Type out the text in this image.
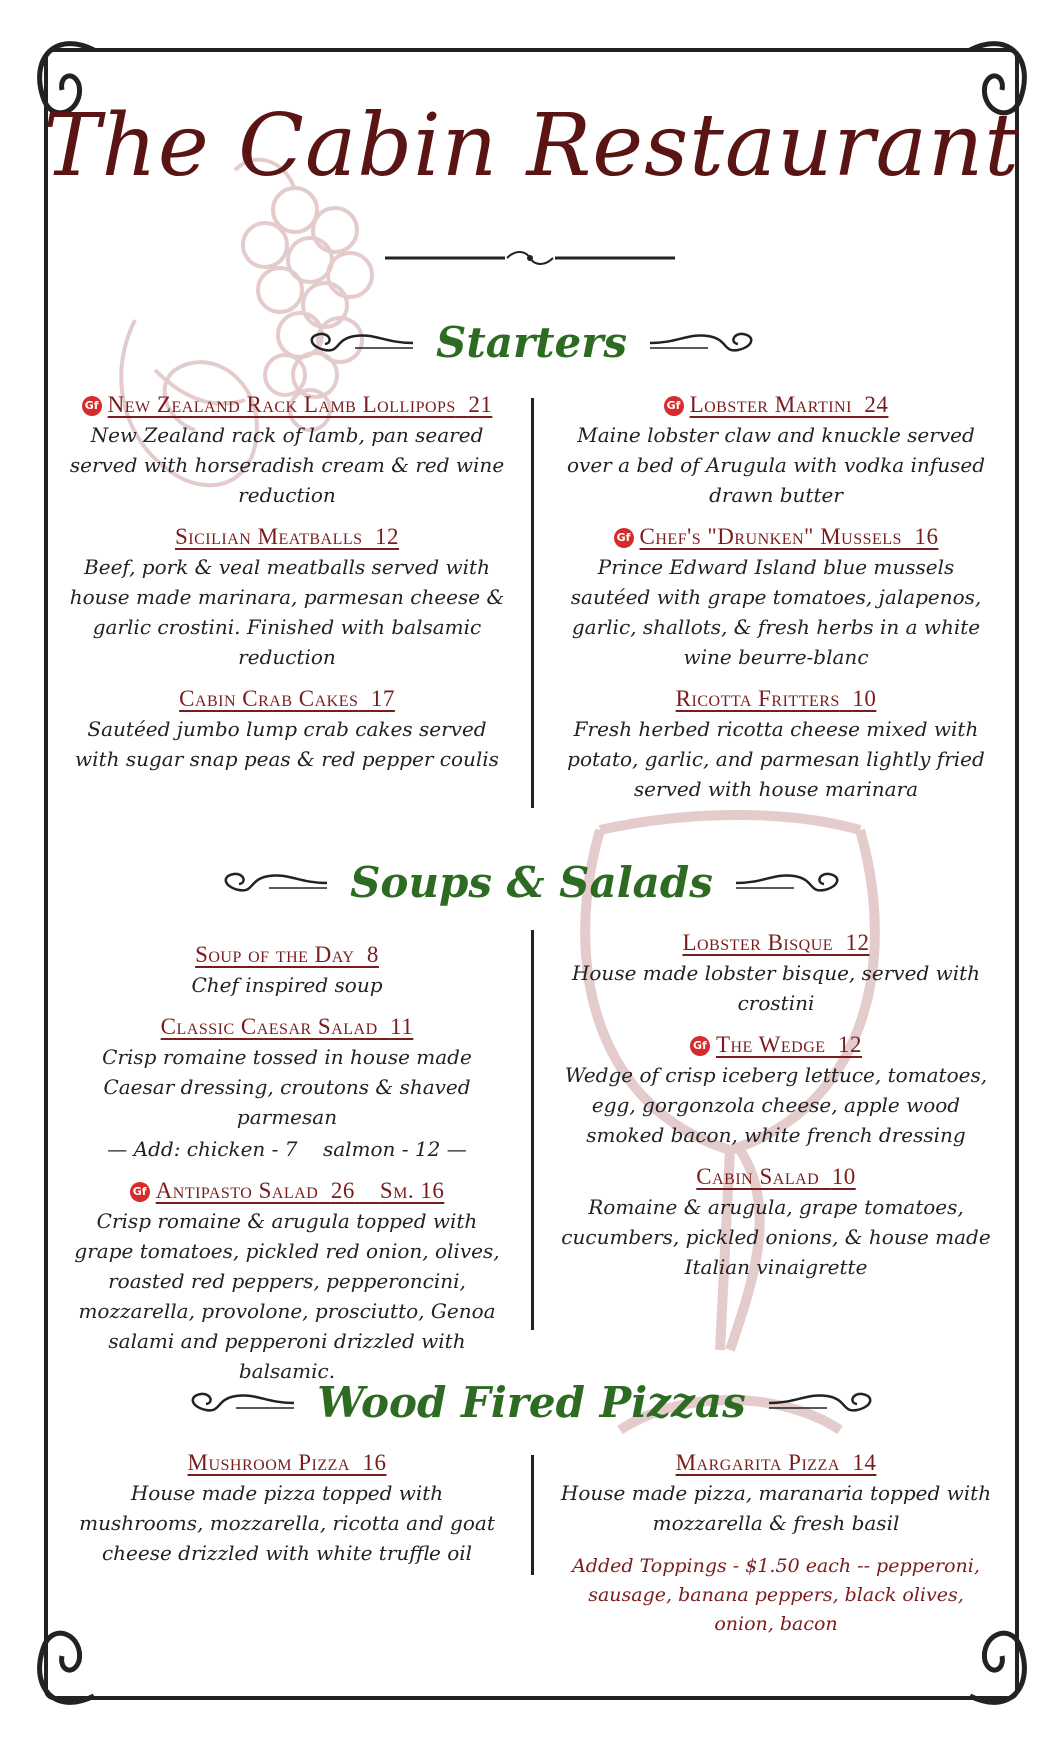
The Cabin Restaurant
Starters
Soups & Salads
Wood Fired Pizzas
Gf New Zealand Rack Lamb Lollipops 21
New Zealand rack of lamb, pan seared served with horseradish cream & red wine reduction
Sicilian Meatballs 12
Beef, pork & veal meatballs served with house made marinara, parmesan cheese & garlic crostini. Finished with balsamic reduction
Cabin Crab Cakes 17
Sautéed jumbo lump crab cakes served with sugar snap peas & red pepper coulis
Gf Lobster Martini 24
Maine lobster claw and knuckle served over a bed of Arugula with vodka infused drawn butter
Gf Chef's "Drunken" Mussels 16
Prince Edward Island blue mussels sautéed with grape tomatoes, jalapenos, garlic, shallots, & fresh herbs in a white wine beurre-blanc
Ricotta Fritters 10
Fresh herbed ricotta cheese mixed with potato, garlic, and parmesan lightly fried served with house marinara
Soup of the Day 8
Chef inspired soup
Classic Caesar Salad 11
Crisp romaine tossed in house made Caesar dressing, croutons & shaved parmesan
— Add: chicken - 7    salmon - 12 —
Gf Antipasto Salad 26 Sm. 16
Crisp romaine & arugula topped with grape tomatoes, pickled red onion, olives, roasted red peppers, pepperoncini, mozzarella, provolone, prosciutto, Genoa salami and pepperoni drizzled with balsamic.
Lobster Bisque 12
House made lobster bisque, served with crostini
Gf The Wedge 12
Wedge of crisp iceberg lettuce, tomatoes, egg, gorgonzola cheese, apple wood smoked bacon, white french dressing
Cabin Salad 10
Romaine & arugula, grape tomatoes, cucumbers, pickled onions, & house made Italian vinaigrette
Mushroom Pizza 16
House made pizza topped with mushrooms, mozzarella, ricotta and goat cheese drizzled with white truffle oil
Margarita Pizza 14
House made pizza, maranaria topped with mozzarella & fresh basil
Added Toppings - $1.50 each -- pepperoni, sausage, banana peppers, black olives, onion, bacon
